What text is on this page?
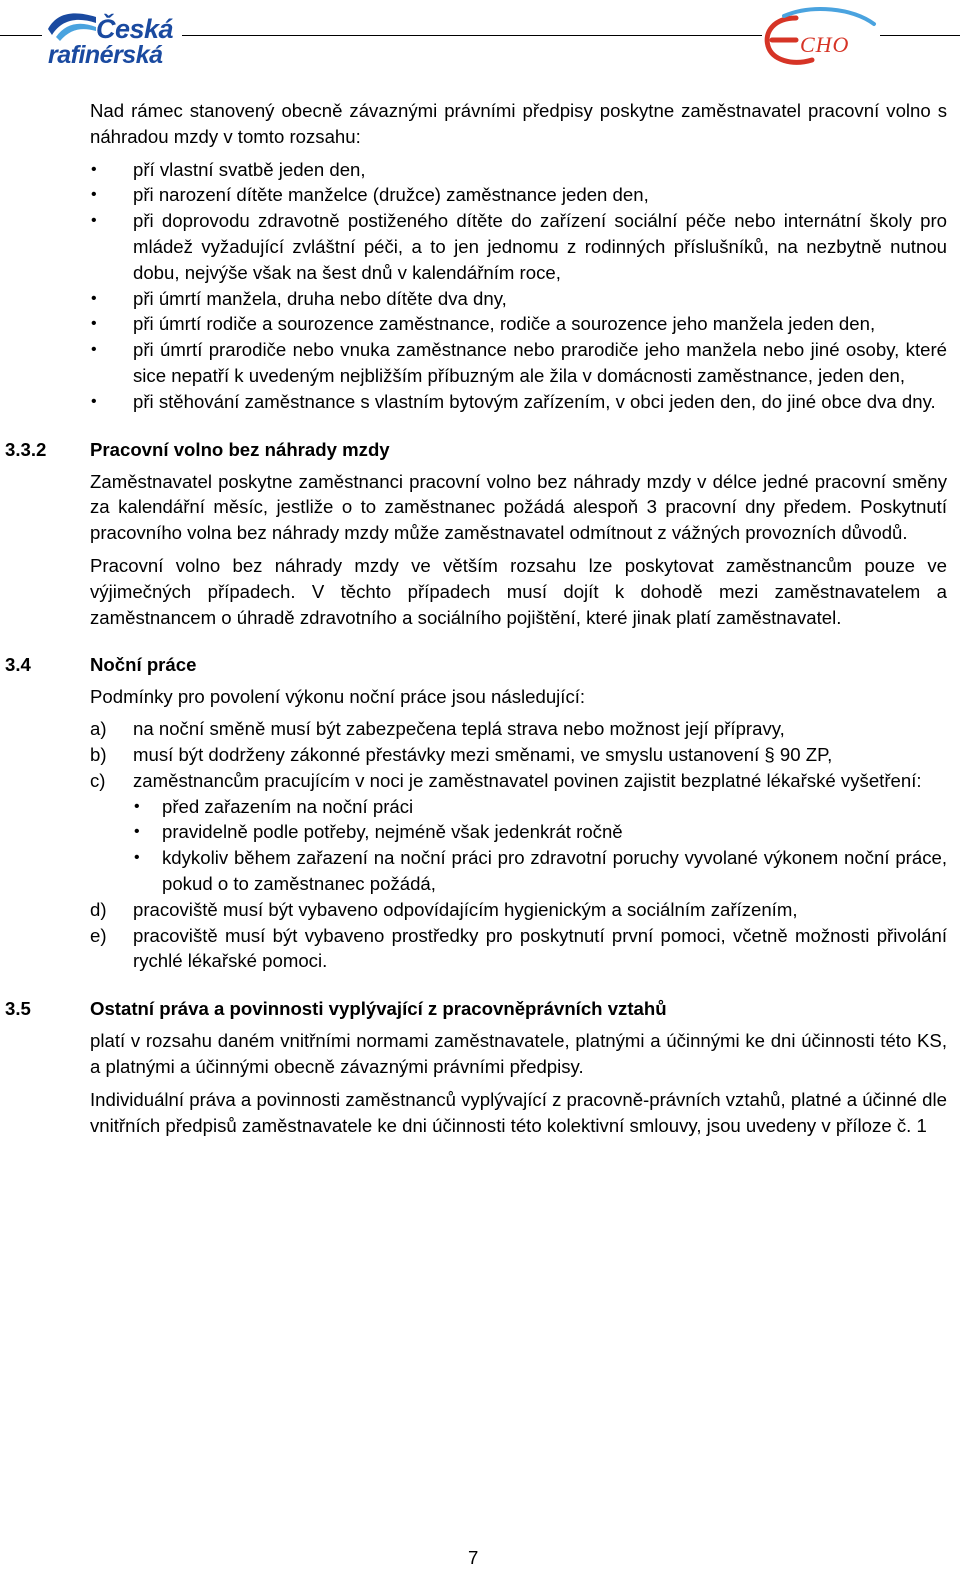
Česká
rafinérská	CHO

Nad rámec stanovený obecně závaznými právními předpisy poskytne zaměstnavatel pracovní volno s náhradou mzdy v tomto rozsahu:

• pří vlastní svatbě jeden den,
• při narození dítěte manželce (družce) zaměstnance jeden den,
• při doprovodu zdravotně postiženého dítěte do zařízení sociální péče nebo internátní školy pro mládež vyžadující zvláštní péči, a to jen jednomu z rodinných příslušníků, na nezbytně nutnou dobu, nejvýše však na šest dnů v kalendářním roce,
• při úmrtí manžela, druha nebo dítěte dva dny,
• při úmrtí rodiče a sourozence zaměstnance, rodiče a sourozence jeho manžela jeden den,
• při úmrtí prarodiče nebo vnuka zaměstnance nebo prarodiče jeho manžela nebo jiné osoby, které sice nepatří k uvedeným nejbližším příbuzným ale žila v domácnosti zaměstnance, jeden den,
• při stěhování zaměstnance s vlastním bytovým zařízením, v obci jeden den, do jiné obce dva dny.
3.3.2 Pracovní volno bez náhrady mzdy

Zaměstnavatel poskytne zaměstnanci pracovní volno bez náhrady mzdy v délce jedné pracovní směny za kalendářní měsíc, jestliže o to zaměstnanec požádá alespoň 3 pracovní dny předem. Poskytnutí pracovního volna bez náhrady mzdy může zaměstnavatel odmítnout z vážných provozních důvodů.

Pracovní volno bez náhrady mzdy ve větším rozsahu lze poskytovat zaměstnancům pouze ve výjimečných případech. V těchto případech musí dojít k dohodě mezi zaměstnavatelem a zaměstnancem o úhradě zdravotního a sociálního pojištění, které jinak platí zaměstnavatel.

3.4	Noční práce

Podmínky pro povolení výkonu noční práce jsou následující:

a) na noční směně musí být zabezpečena teplá strava nebo možnost její přípravy,
b) musí být dodrženy zákonné přestávky mezi směnami, ve smyslu ustanovení § 90 ZP,
c) zaměstnancům pracujícím v noci je zaměstnavatel povinen zajistit bezplatné lékařské vyšetření:
• před zařazením na noční práci
• pravidelně podle potřeby, nejméně však jedenkrát ročně
• kdykoliv během zařazení na noční práci pro zdravotní poruchy vyvolané výkonem noční práce, pokud o to zaměstnanec požádá,
d) pracoviště musí být vybaveno odpovídajícím hygienickým a sociálním zařízením,
e) pracoviště musí být vybaveno prostředky pro poskytnutí první pomoci, včetně možnosti přivolání rychlé lékařské pomoci.
3.5	Ostatní práva a povinnosti vyplývající z pracovněprávních vztahů

platí v rozsahu daném vnitřními normami zaměstnavatele, platnými a účinnými ke dni účinnosti této KS, a platnými a účinnými obecně závaznými právními předpisy.

Individuální práva a povinnosti zaměstnanců vyplývající z pracovně-právních vztahů, platné a účinné dle vnitřních předpisů zaměstnavatele ke dni účinnosti této kolektivní smlouvy, jsou uvedeny v příloze č. 1

7
